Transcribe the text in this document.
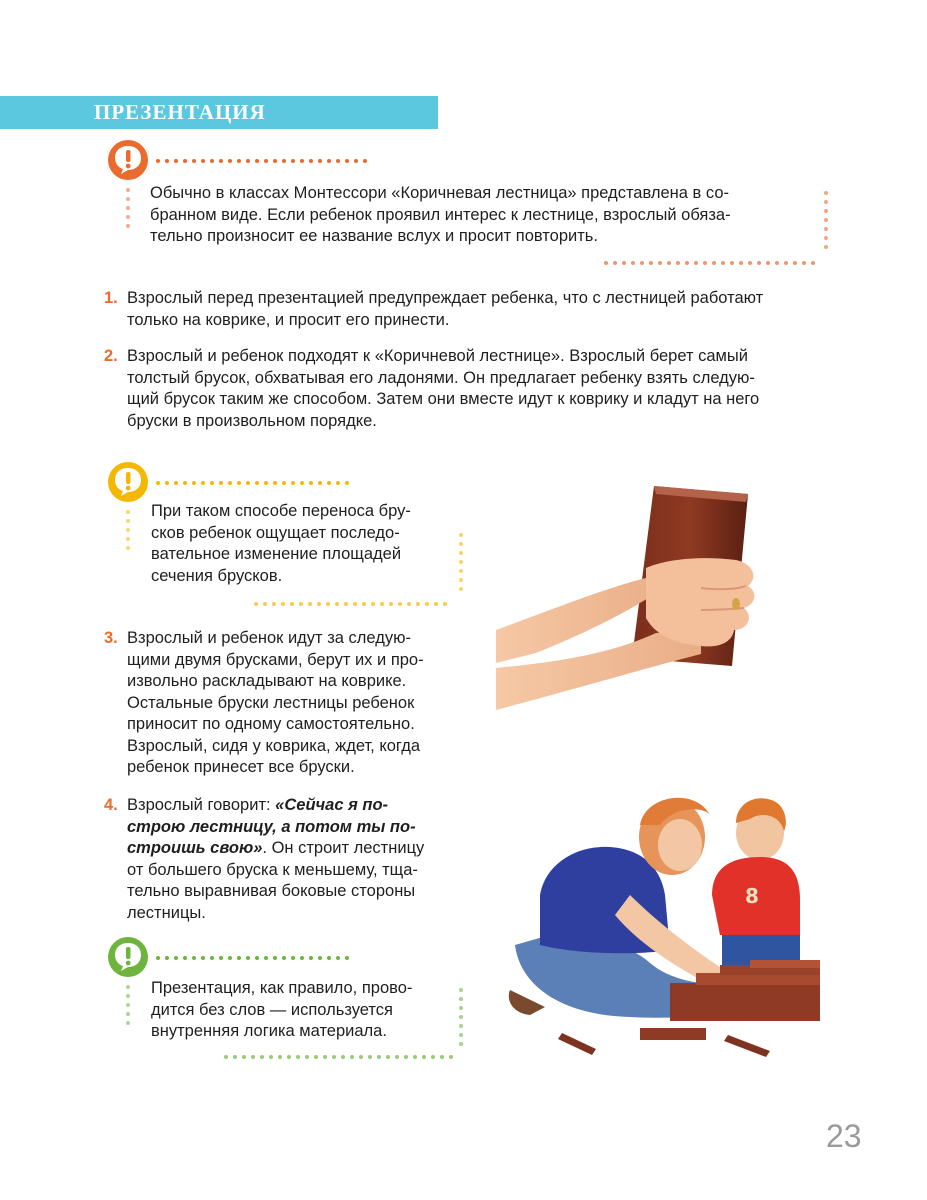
ПРЕЗЕНТАЦИЯ
Обычно в классах Монтессори «Коричневая лестница» представлена в со-
бранном виде. Если ребенок проявил интерес к лестнице, взрослый обяза-
тельно произносит ее название вслух и просит повторить.
1. Взрослый перед презентацией предупреждает ребенка, что с лестницей работают
только на коврике, и просит его принести.
2. Взрослый и ребенок подходят к «Коричневой лестнице». Взрослый берет самый
толстый брусок, обхватывая его ладонями. Он предлагает ребенку взять следую-
щий брусок таким же способом. Затем они вместе идут к коврику и кладут на него
бруски в произвольном порядке.
При таком способе переноса бру-
сков ребенок ощущает последо-
вательное изменение площадей
сечения брусков.
3. Взрослый и ребенок идут за следую-
щими двумя брусками, берут их и про-
извольно раскладывают на коврике.
Остальные бруски лестницы ребенок
приносит по одному самостоятельно.
Взрослый, сидя у коврика, ждет, когда
ребенок принесет все бруски.
4. Взрослый говорит: «Сейчас я по-
строю лестницу, а потом ты по-
строишь свою». Он строит лестницу
от большего бруска к меньшему, тща-
тельно выравнивая боковые стороны
лестницы.
Презентация, как правило, прово-
дится без слов — используется
внутренняя логика материала.
8
23
